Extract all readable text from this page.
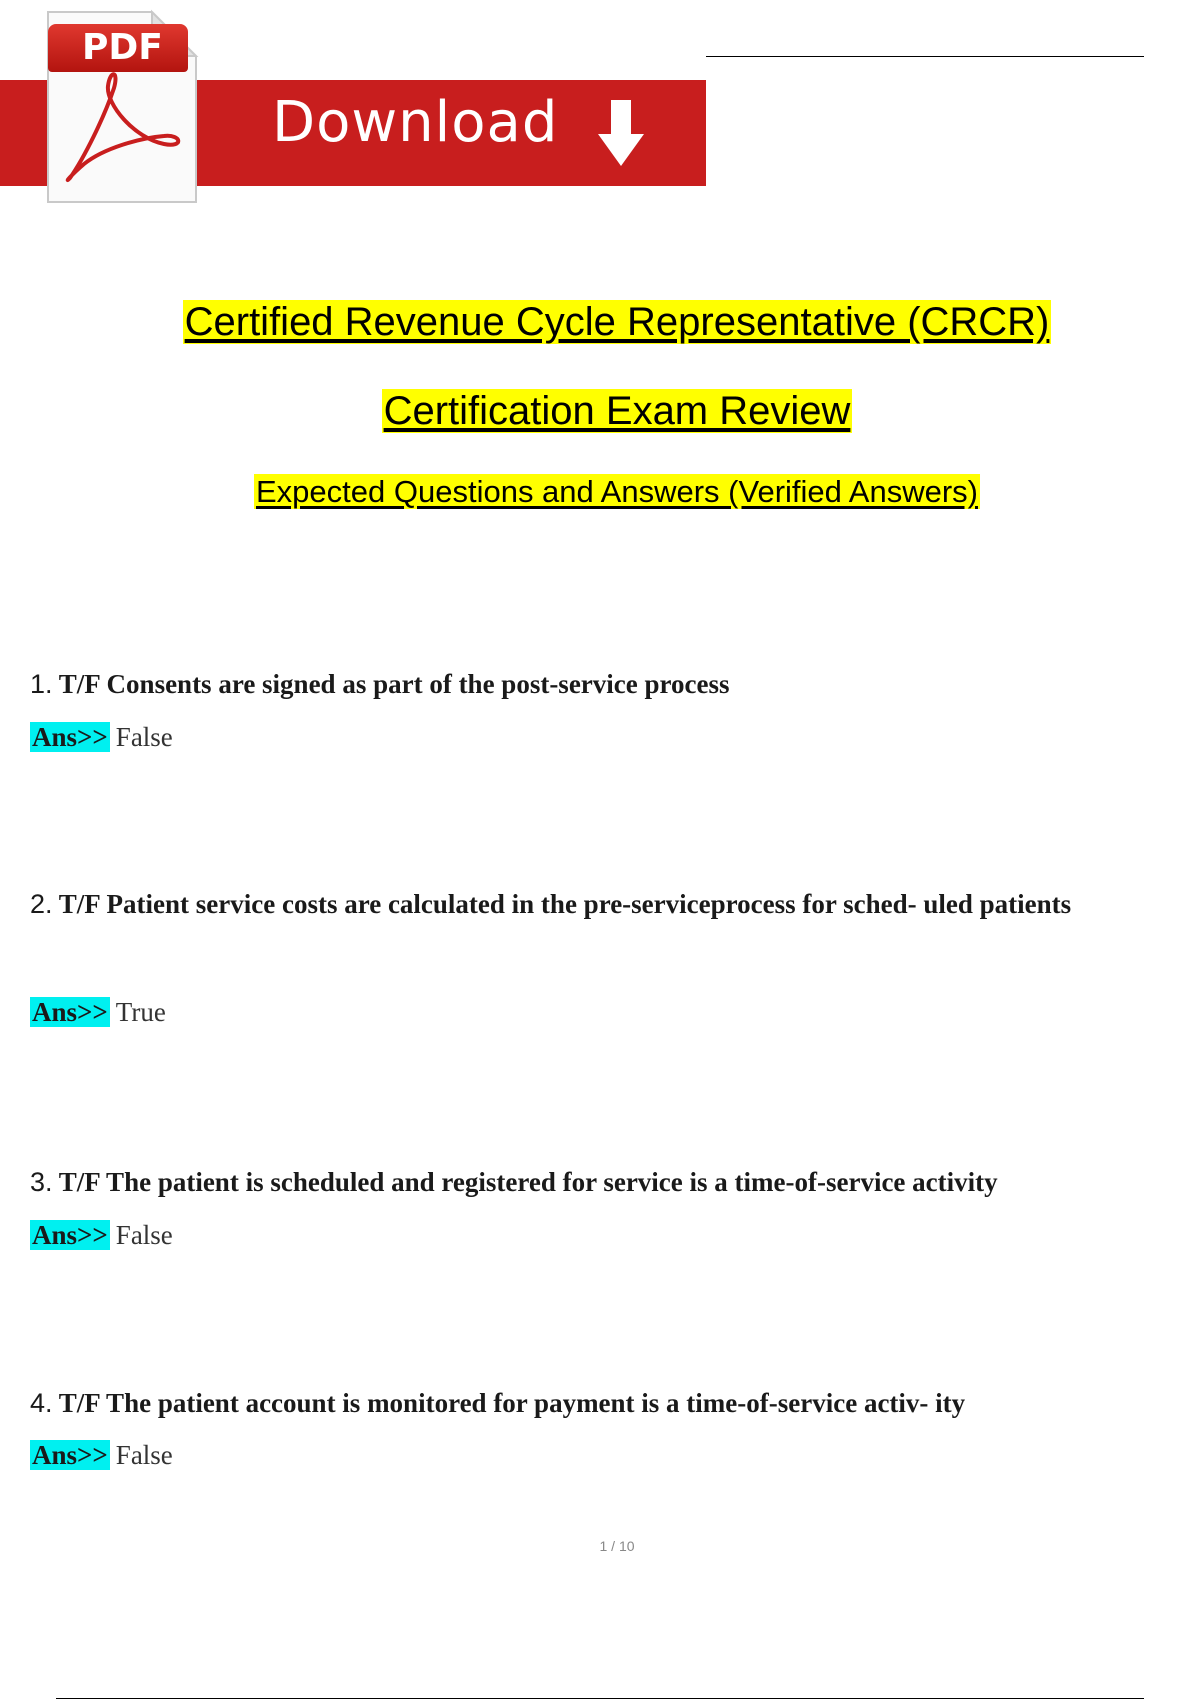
Download
PDF
Certified Revenue Cycle Representative (CRCR)
Certification Exam Review
Expected Questions and Answers (Verified Answers)
1. T/F Consents are signed as part of the post-service process
Ans>> False
2. T/F Patient service costs are calculated in the pre-serviceprocess for sched- uled patients
Ans>> True
3. T/F The patient is scheduled and registered for service is a time-of-service activity
Ans>> False
4. T/F The patient account is monitored for payment is a time-of-service activ- ity
Ans>> False
1 / 10
